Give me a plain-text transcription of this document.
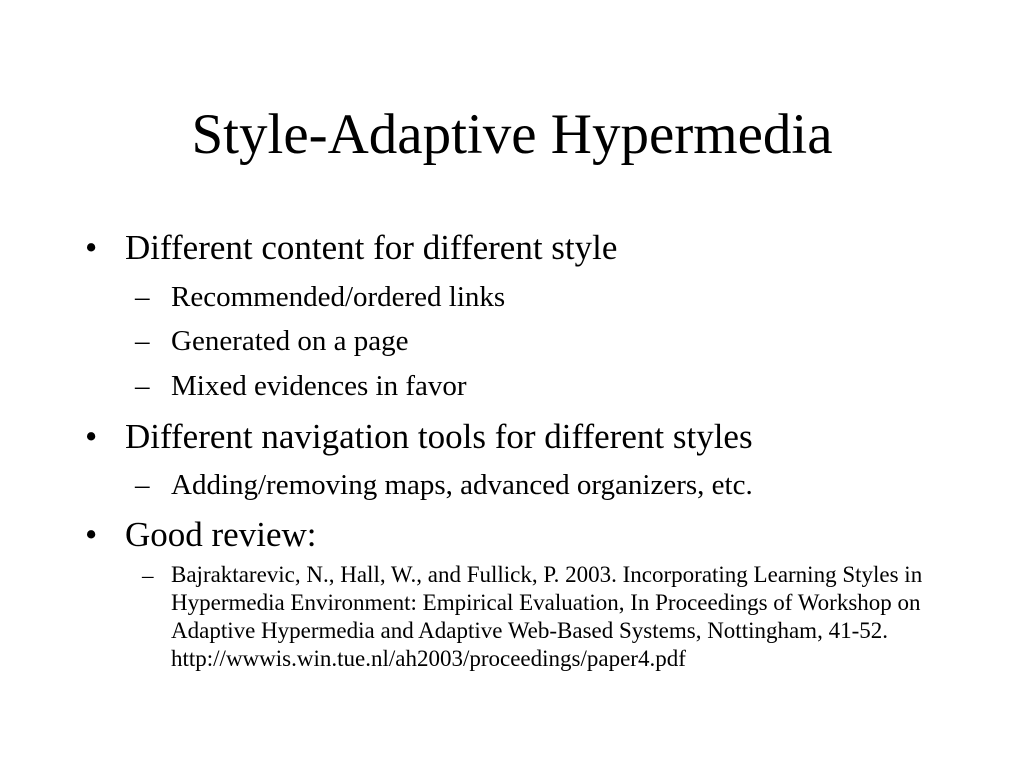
Style-Adaptive Hypermedia
• Different content for different style
– Recommended/ordered links
– Generated on a page
– Mixed evidences in favor
• Different navigation tools for different styles
– Adding/removing maps, advanced organizers, etc.
• Good review:
– Bajraktarevic, N., Hall, W., and Fullick, P. 2003. Incorporating Learning Styles in Hypermedia Environment: Empirical Evaluation, In Proceedings of Workshop on Adaptive Hypermedia and Adaptive Web-Based Systems, Nottingham, 41-52.
http://wwwis.win.tue.nl/ah2003/proceedings/paper4.pdf
